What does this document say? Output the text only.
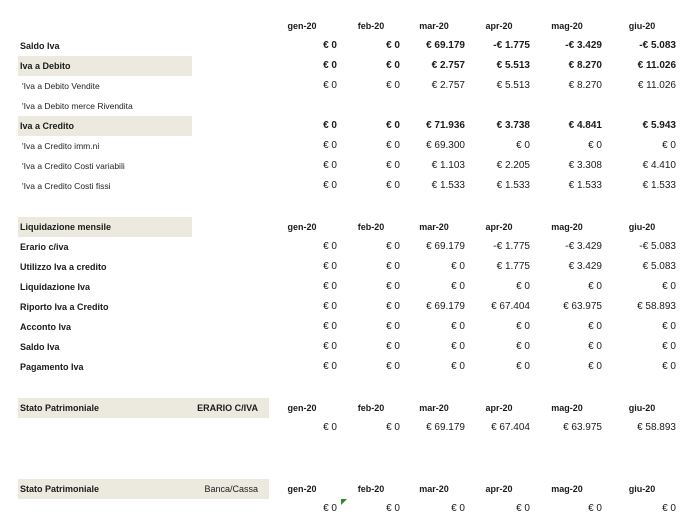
gen-20	feb-20	mar-20	apr-20	mag-20	giu-20
Saldo Iva	€ 0	€ 0	€ 69.179	-€ 1.775	-€ 3.429	-€ 5.083
Iva a Debito	€ 0	€ 0	€ 2.757	€ 5.513	€ 8.270	€ 11.026
'Iva a Debito Vendite	€ 0	€ 0	€ 2.757	€ 5.513	€ 8.270	€ 11.026
'Iva a Debito merce Rivendita
Iva a Credito	€ 0	€ 0	€ 71.936	€ 3.738	€ 4.841	€ 5.943
'Iva a Credito imm.ni	€ 0	€ 0	€ 69.300	€ 0	€ 0	€ 0
'Iva a Credito Costi variabili	€ 0	€ 0	€ 1.103	€ 2.205	€ 3.308	€ 4.410
'Iva a Credito Costi fissi	€ 0	€ 0	€ 1.533	€ 1.533	€ 1.533	€ 1.533
Liquidazione mensile	gen-20	feb-20	mar-20	apr-20	mag-20	giu-20
Erario c/iva	€ 0	€ 0	€ 69.179	-€ 1.775	-€ 3.429	-€ 5.083
Utilizzo Iva a credito	€ 0	€ 0	€ 0	€ 1.775	€ 3.429	€ 5.083
Liquidazione Iva	€ 0	€ 0	€ 0	€ 0	€ 0	€ 0
Riporto Iva a Credito	€ 0	€ 0	€ 69.179	€ 67.404	€ 63.975	€ 58.893
Acconto Iva	€ 0	€ 0	€ 0	€ 0	€ 0	€ 0
Saldo Iva	€ 0	€ 0	€ 0	€ 0	€ 0	€ 0
Pagamento Iva	€ 0	€ 0	€ 0	€ 0	€ 0	€ 0
Stato Patrimoniale	ERARIO C/IVA	gen-20	feb-20	mar-20	apr-20	mag-20	giu-20
€ 0	€ 0	€ 69.179	€ 67.404	€ 63.975	€ 58.893
Stato Patrimoniale	Banca/Cassa	gen-20	feb-20	mar-20	apr-20	mag-20	giu-20
€ 0	€ 0	€ 0	€ 0	€ 0	€ 0
